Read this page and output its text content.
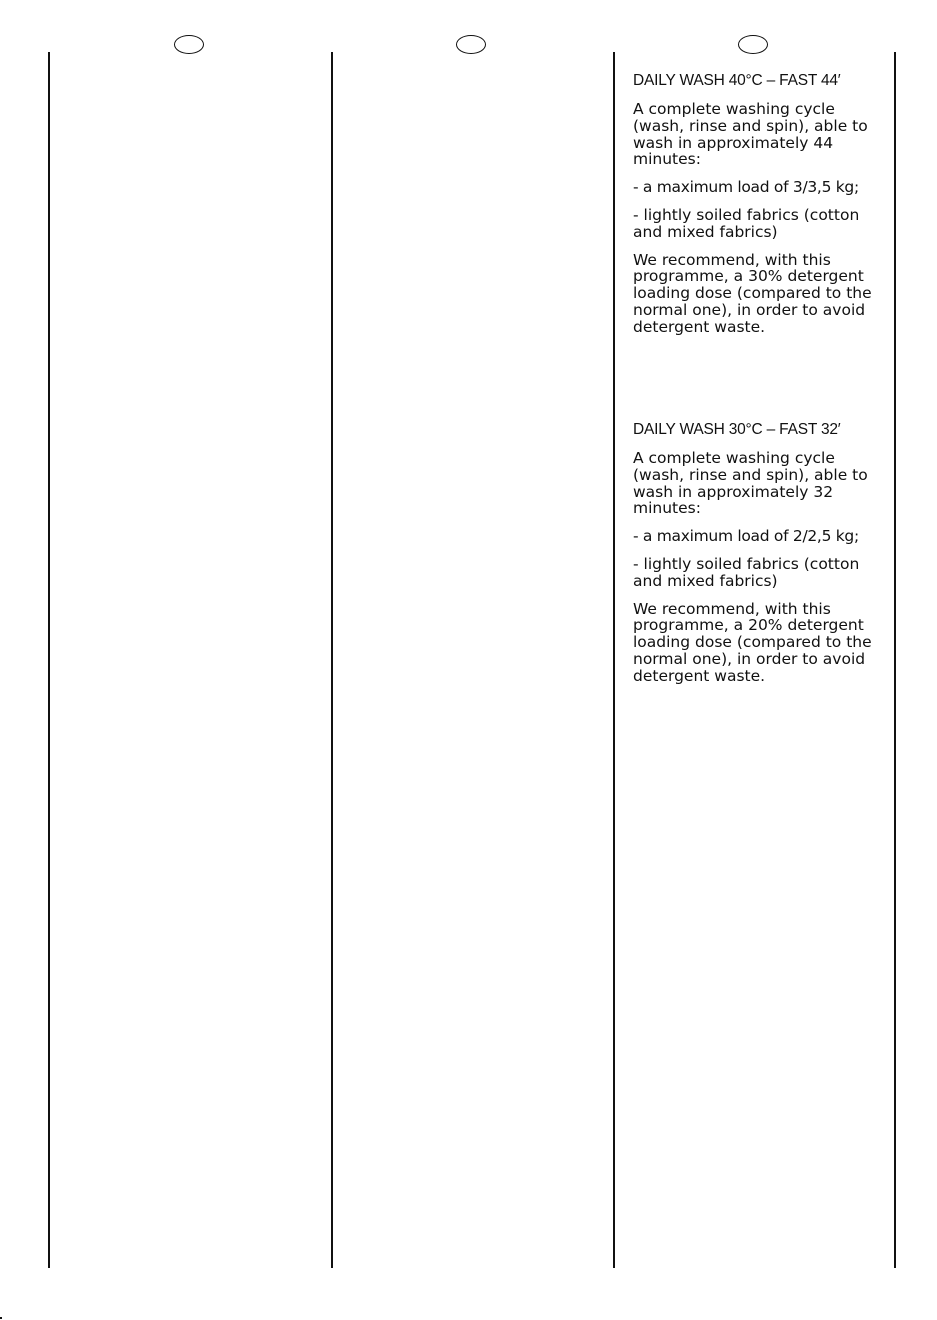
DAILY WASH 40°C – FAST 44′

A complete washing cycle (wash, rinse and spin), able to wash in approximately 44 minutes:

- a maximum load of 3/3,5 kg;

- lightly soiled fabrics (cotton and mixed fabrics)

We recommend, with this programme, a 30% detergent loading dose (compared to the normal one), in order to avoid detergent waste.

DAILY WASH 30°C – FAST 32′

A complete washing cycle (wash, rinse and spin), able to wash in approximately 32 minutes:

- a maximum load of 2/2,5 kg;

- lightly soiled fabrics (cotton and mixed fabrics)

We recommend, with this programme, a 20% detergent loading dose (compared to the normal one), in order to avoid detergent waste.
